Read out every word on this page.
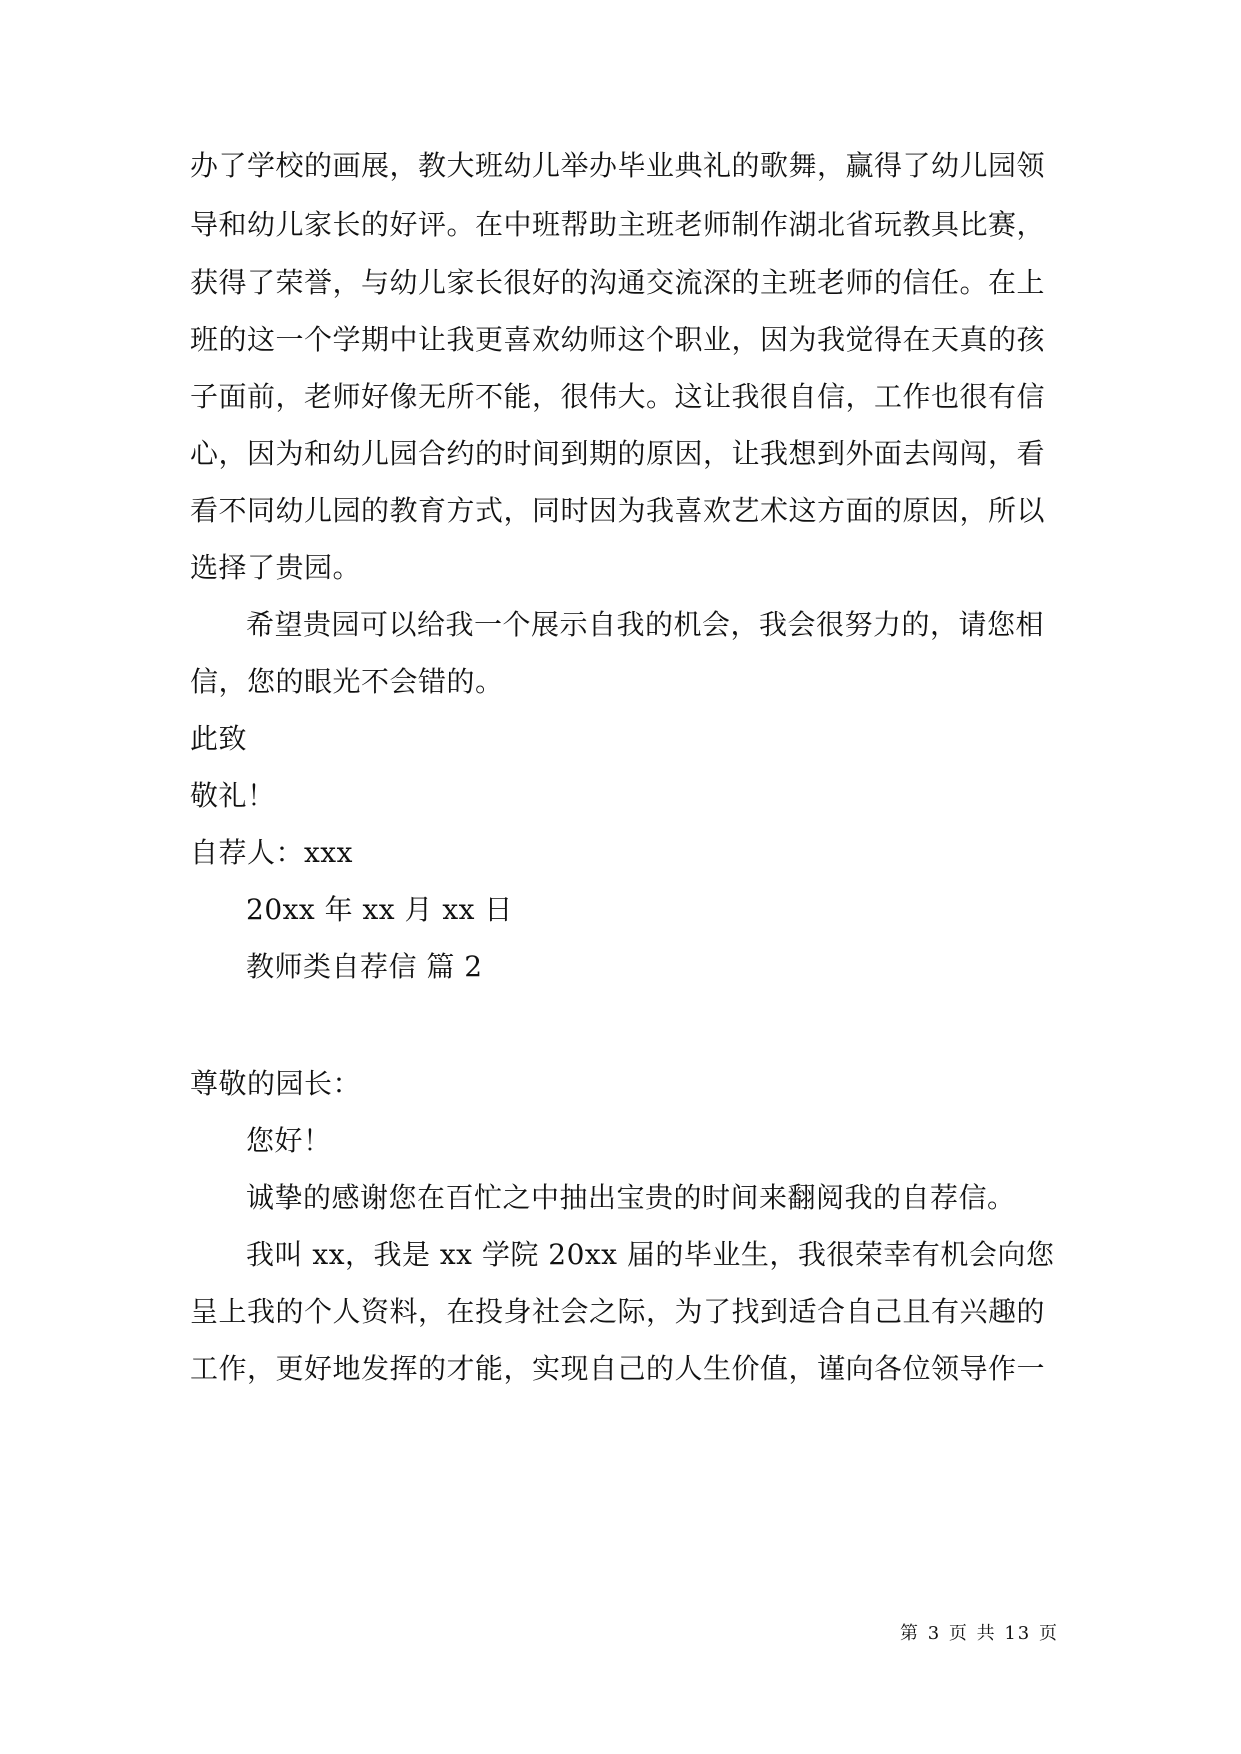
办了学校的画展，教大班幼儿举办毕业典礼的歌舞，赢得了幼儿园领
导和幼儿家长的好评。在中班帮助主班老师制作湖北省玩教具比赛，
获得了荣誉，与幼儿家长很好的沟通交流深的主班老师的信任。在上
班的这一个学期中让我更喜欢幼师这个职业，因为我觉得在天真的孩
子面前，老师好像无所不能，很伟大。这让我很自信，工作也很有信
心，因为和幼儿园合约的时间到期的原因，让我想到外面去闯闯，看
看不同幼儿园的教育方式，同时因为我喜欢艺术这方面的原因，所以
选择了贵园。
希望贵园可以给我一个展示自我的机会，我会很努力的，请您相
信，您的眼光不会错的。
此致
敬礼！
自荐人：xxx
20xx 年 xx 月 xx 日
教师类自荐信 篇 2
尊敬的园长：
您好！
诚挚的感谢您在百忙之中抽出宝贵的时间来翻阅我的自荐信。
我叫 xx，我是 xx 学院 20xx 届的毕业生，我很荣幸有机会向您
呈上我的个人资料，在投身社会之际，为了找到适合自己且有兴趣的
工作，更好地发挥的才能，实现自己的人生价值，谨向各位领导作一
第 3 页 共 13 页
